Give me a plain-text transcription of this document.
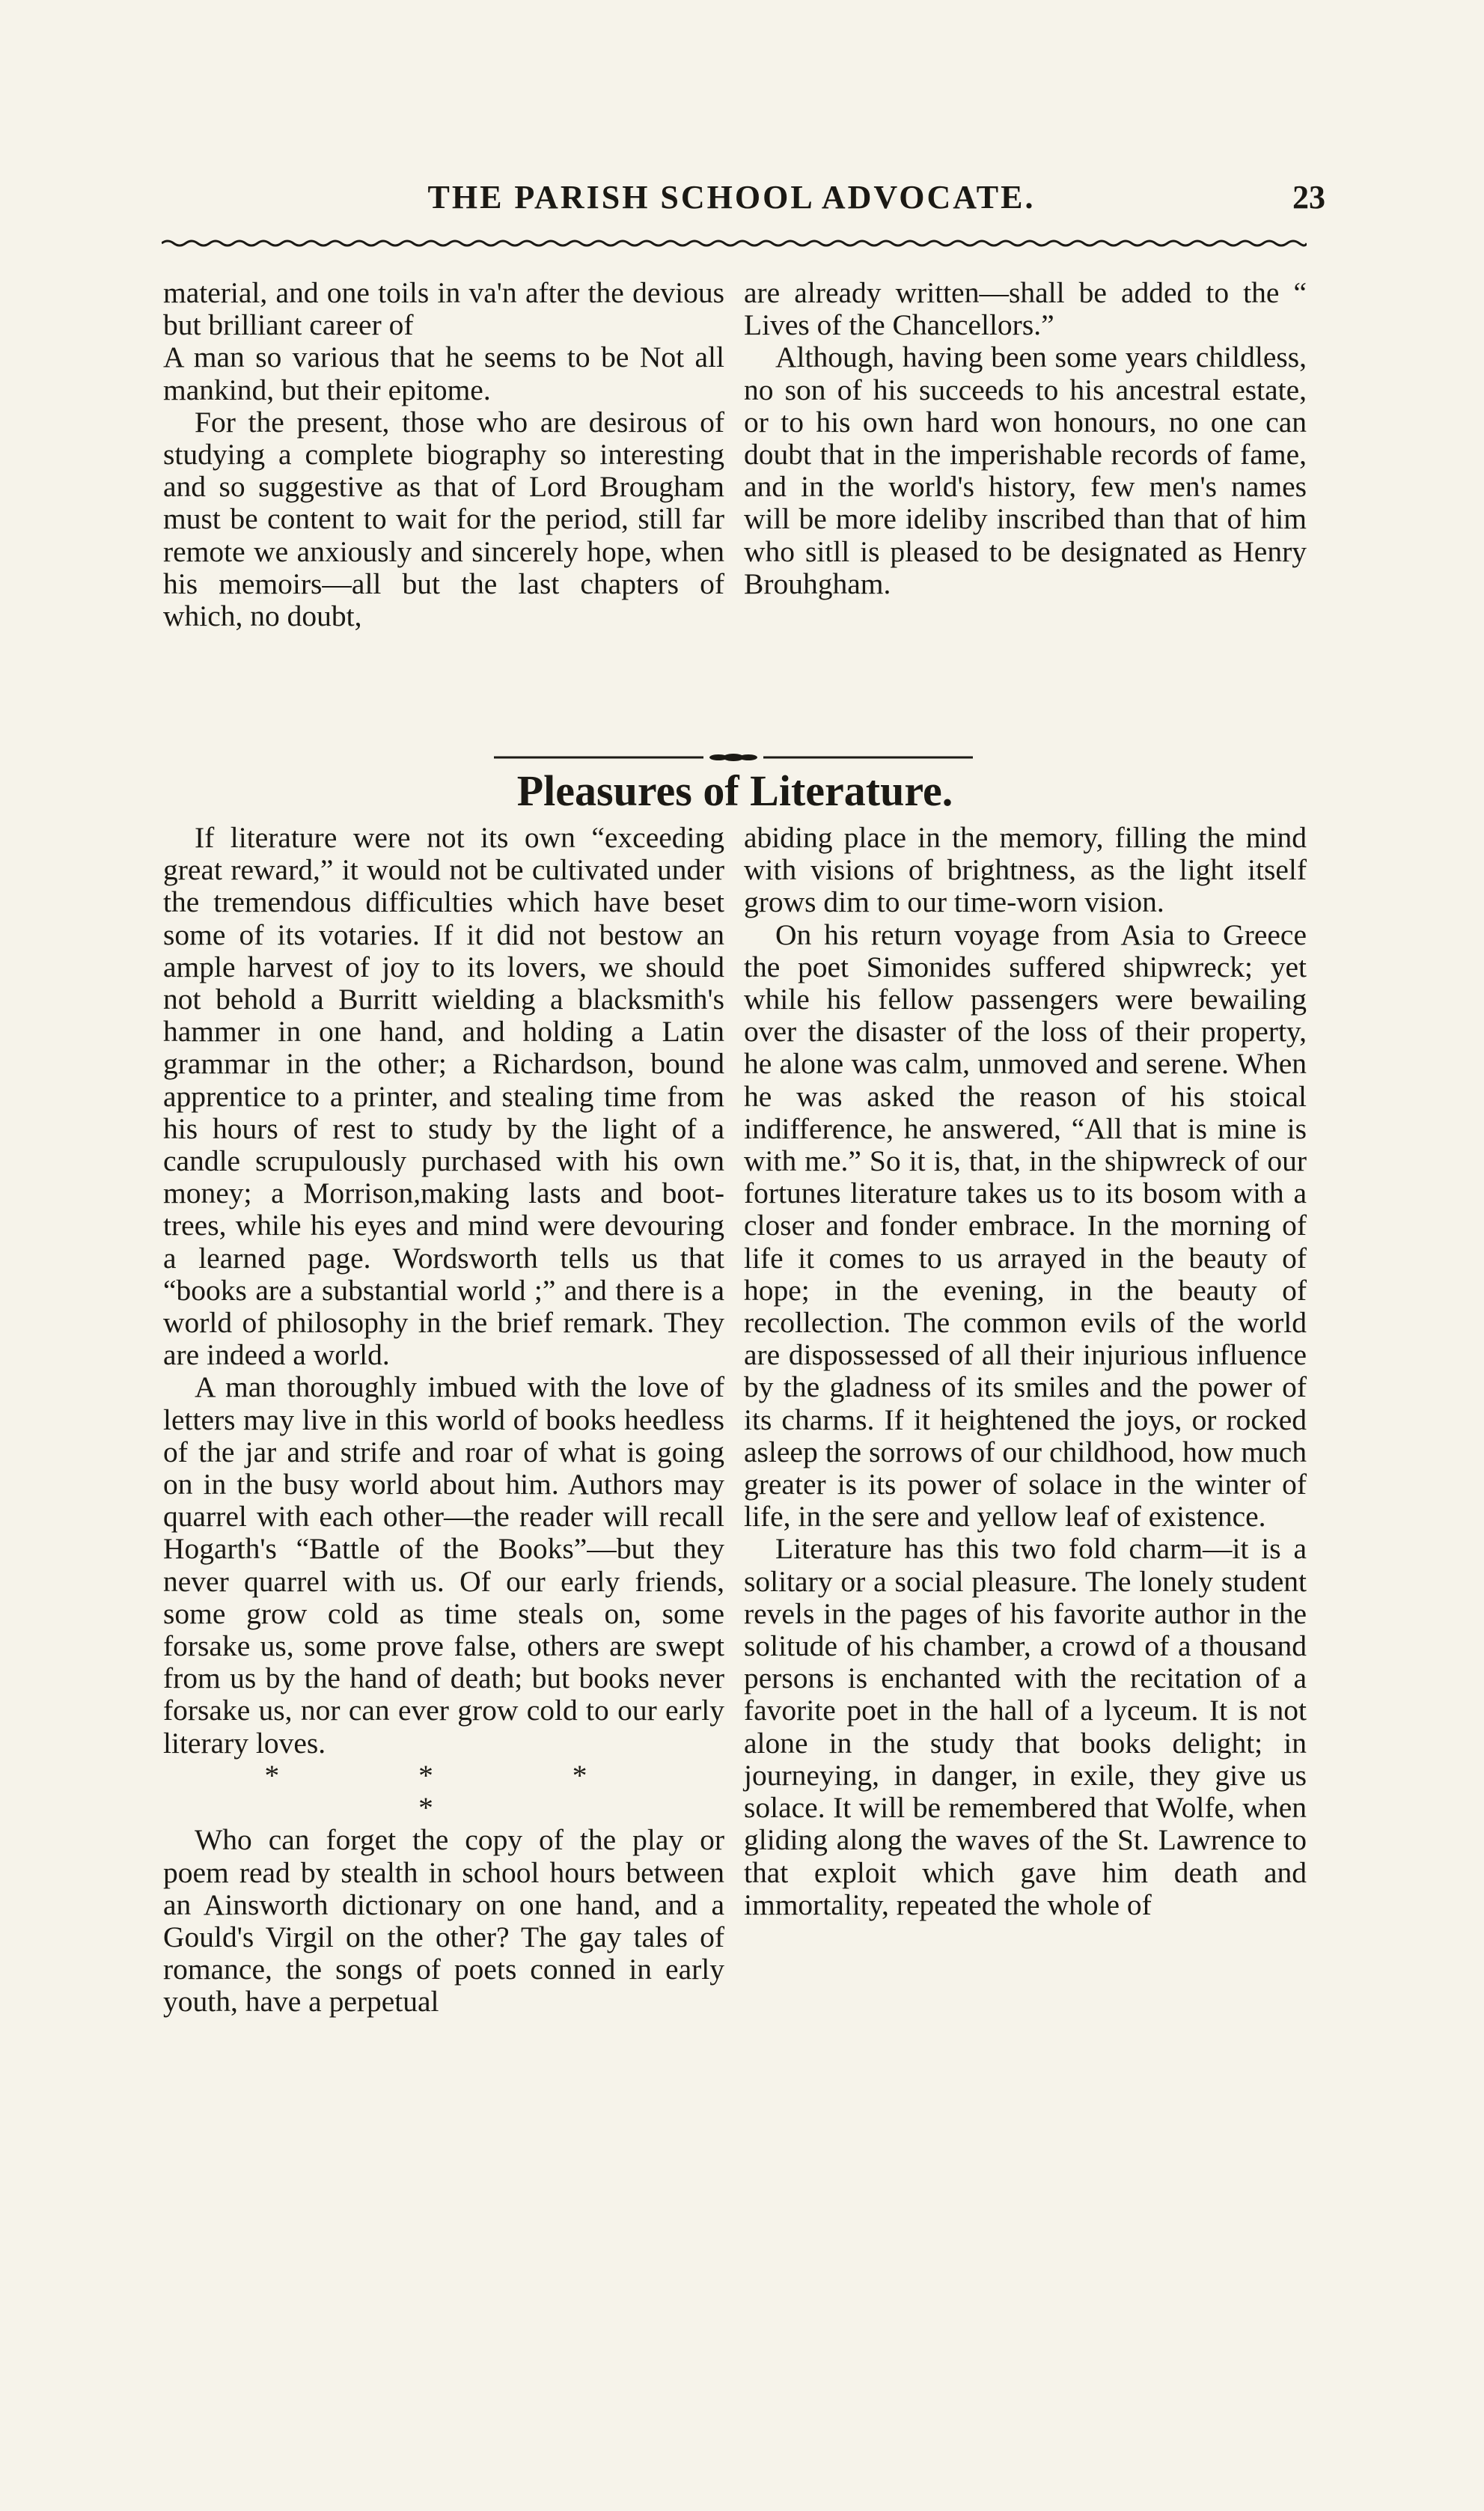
THE PARISH SCHOOL ADVOCATE.	23

material, and one toils in va'n after the devious but brilliant career of

A man so various that he seems to be Not all mankind, but their epitome.

For the present, those who are desirous of studying a complete biography so interesting and so suggestive as that of Lord Brougham must be content to wait for the period, still far remote we anxiously and sincerely hope, when his memoirs—all but the last chapters of which, no doubt,

are already written—shall be added to the “ Lives of the Chancellors.”

Although, having been some years childless, no son of his succeeds to his ancestral estate, or to his own hard won honours, no one can doubt that in the imperishable records of fame, and in the world's history, few men's names will be more ideliby inscribed than that of him who sitll is pleased to be designated as Henry Brouhgham.

Pleasures of Literature.

If literature were not its own “exceeding great reward,” it would not be cultivated under the tremendous difficulties which have beset some of its votaries. If it did not bestow an ample harvest of joy to its lovers, we should not behold a Burritt wielding a blacksmith's hammer in one hand, and holding a Latin grammar in the other; a Richardson, bound apprentice to a printer, and stealing time from his hours of rest to study by the light of a candle scrupulously purchased with his own money; a Morrison,making lasts and boot-trees, while his eyes and mind were devouring a learned page. Wordsworth tells us that “books are a substantial world ;” and there is a world of philosophy in the brief remark. They are indeed a world.

A man thoroughly imbued with the love of letters may live in this world of books heedless of the jar and strife and roar of what is going on in the busy world about him. Authors may quarrel with each other—the reader will recall Hogarth's “Battle of the Books”—but they never quarrel with us. Of our early friends, some grow cold as time steals on, some forsake us, some prove false, others are swept from us by the hand of death; but books never forsake us, nor can ever grow cold to our early literary loves.

* * * *

Who can forget the copy of the play or poem read by stealth in school hours between an Ainsworth dictionary on one hand, and a Gould's Virgil on the other? The gay tales of romance, the songs of poets conned in early youth, have a perpetual

abiding place in the memory, filling the mind with visions of brightness, as the light itself grows dim to our time-worn vision.

On his return voyage from Asia to Greece the poet Simonides suffered shipwreck; yet while his fellow passengers were bewailing over the disaster of the loss of their property, he alone was calm, unmoved and serene. When he was asked the reason of his stoical indifference, he answered, “All that is mine is with me.” So it is, that, in the shipwreck of our fortunes literature takes us to its bosom with a closer and fonder embrace. In the morning of life it comes to us arrayed in the beauty of hope; in the evening, in the beauty of recollection. The common evils of the world are dispossessed of all their injurious influence by the gladness of its smiles and the power of its charms. If it heightened the joys, or rocked asleep the sorrows of our childhood, how much greater is its power of solace in the winter of life, in the sere and yellow leaf of existence.

Literature has this two fold charm—it is a solitary or a social pleasure. The lonely student revels in the pages of his favorite author in the solitude of his chamber, a crowd of a thousand persons is enchanted with the recitation of a favorite poet in the hall of a lyceum. It is not alone in the study that books delight; in journeying, in danger, in exile, they give us solace. It will be remembered that Wolfe, when gliding along the waves of the St. Lawrence to that exploit which gave him death and immortality, repeated the whole of
